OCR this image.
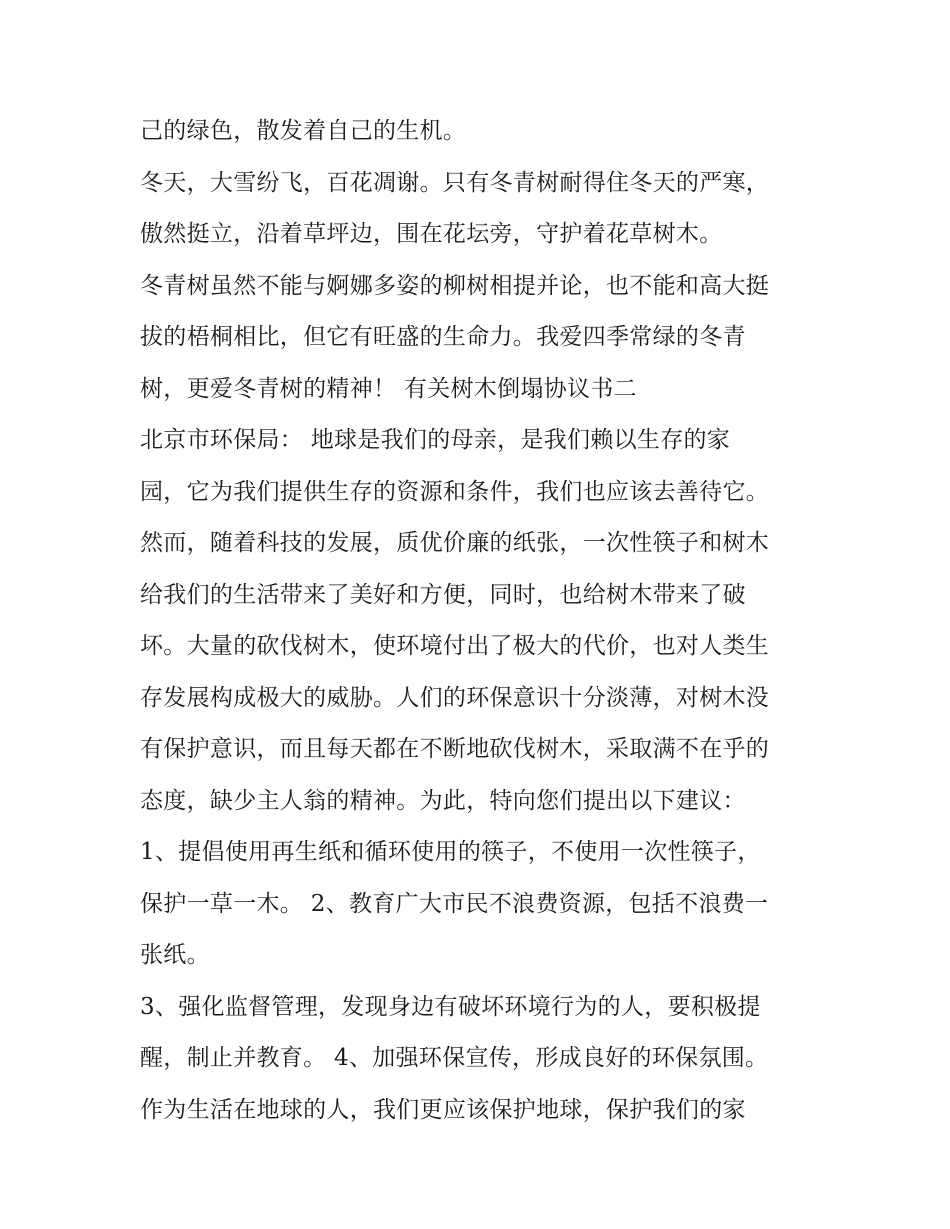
己的绿色，散发着自己的生机。
冬天，大雪纷飞，百花凋谢。只有冬青树耐得住冬天的严寒，
傲然挺立，沿着草坪边，围在花坛旁，守护着花草树木。
冬青树虽然不能与婀娜多姿的柳树相提并论，也不能和高大挺
拔的梧桐相比，但它有旺盛的生命力。我爱四季常绿的冬青
树，更爱冬青树的精神！ 有关树木倒塌协议书二
北京市环保局： 地球是我们的母亲，是我们赖以生存的家
园，它为我们提供生存的资源和条件，我们也应该去善待它。
然而，随着科技的发展，质优价廉的纸张，一次性筷子和树木
给我们的生活带来了美好和方便，同时，也给树木带来了破
坏。大量的砍伐树木，使环境付出了极大的代价，也对人类生
存发展构成极大的威胁。人们的环保意识十分淡薄，对树木没
有保护意识，而且每天都在不断地砍伐树木，采取满不在乎的
态度，缺少主人翁的精神。为此，特向您们提出以下建议：
1、提倡使用再生纸和循环使用的筷子，不使用一次性筷子，
保护一草一木。 2、教育广大市民不浪费资源，包括不浪费一
张纸。
3、强化监督管理，发现身边有破坏环境行为的人，要积极提
醒，制止并教育。 4、加强环保宣传，形成良好的环保氛围。
作为生活在地球的人，我们更应该保护地球，保护我们的家
